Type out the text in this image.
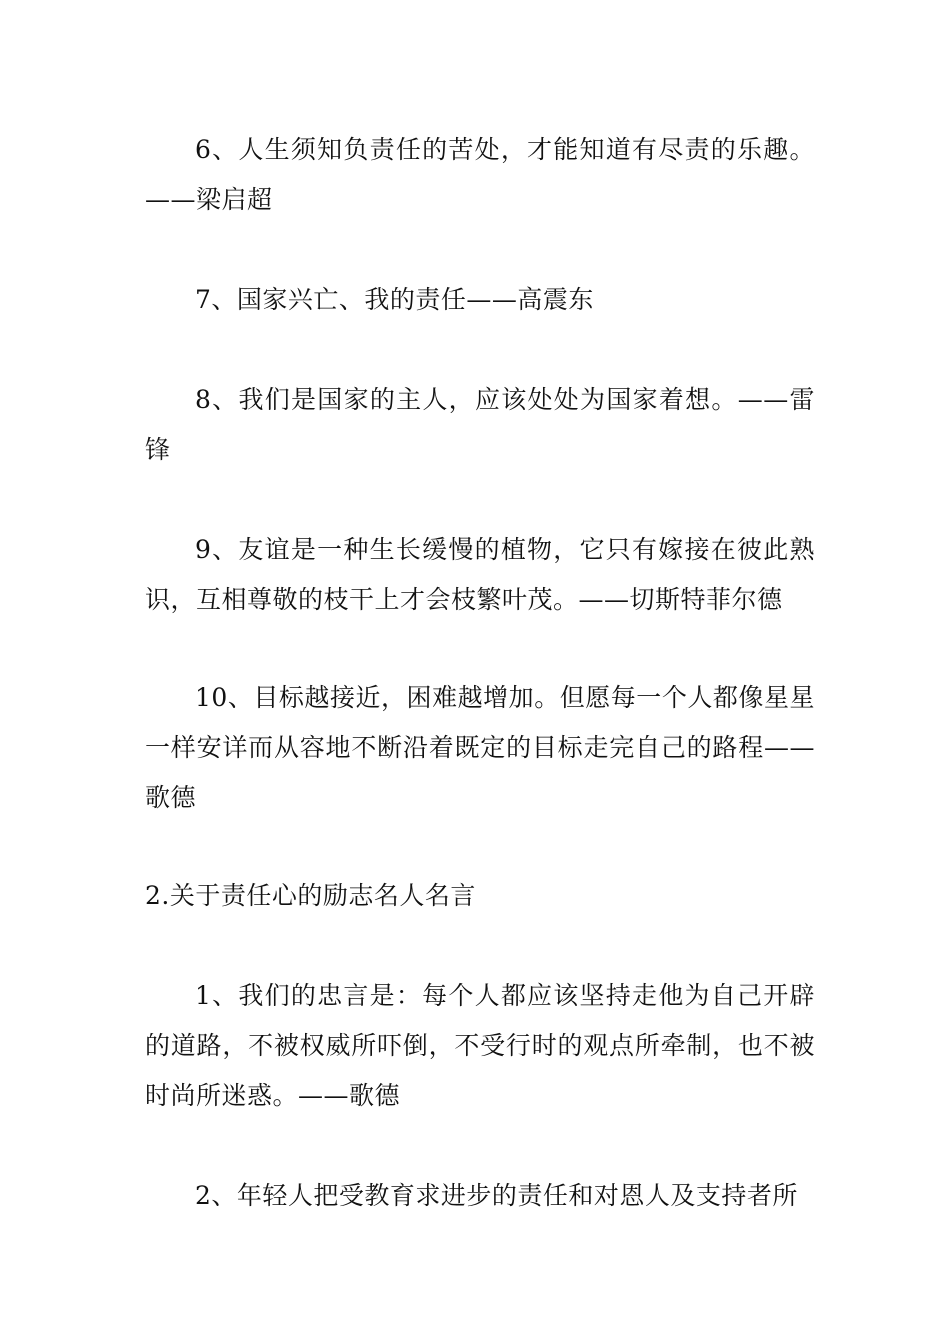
6、人生须知负责任的苦处，才能知道有尽责的乐趣。——梁启超

7、国家兴亡、我的责任——高震东

8、我们是国家的主人，应该处处为国家着想。——雷锋

9、友谊是一种生长缓慢的植物，它只有嫁接在彼此熟识，互相尊敬的枝干上才会枝繁叶茂。——切斯特菲尔德

10、目标越接近，困难越增加。但愿每一个人都像星星一样安详而从容地不断沿着既定的目标走完自己的路程——歌德

2.关于责任心的励志名人名言

1、我们的忠言是：每个人都应该坚持走他为自己开辟的道路，不被权威所吓倒，不受行时的观点所牵制，也不被时尚所迷惑。——歌德

2、年轻人把受教育求进步的责任和对恩人及支持者所
